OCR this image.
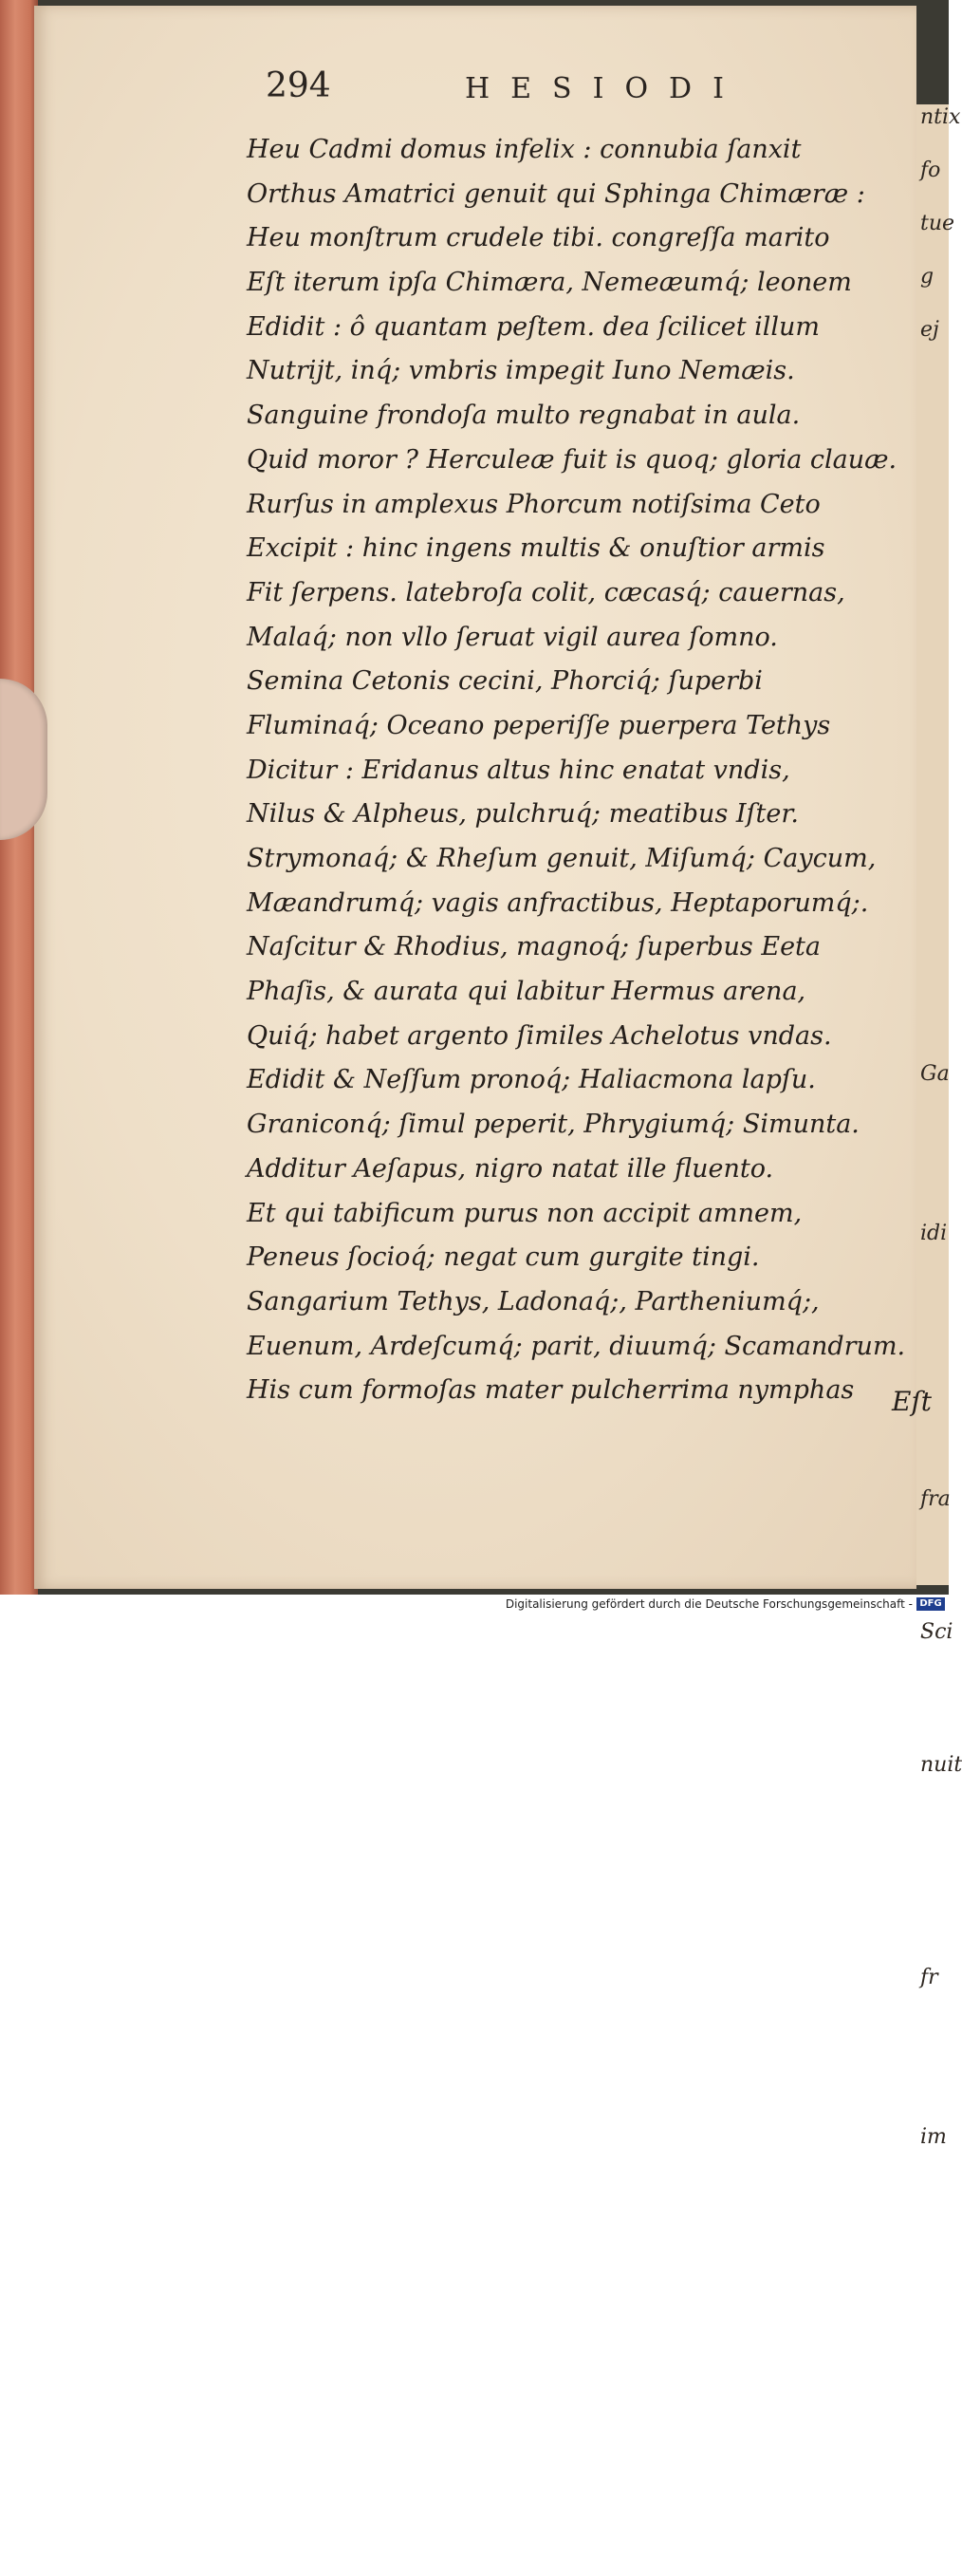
ntix
fo
tue
g
ej
Ga
idi
fra
Sci
nuit
fr
im
294	HESIODI
Heu Cadmi domus infelix : connubia ſanxit
Orthus Amatrici genuit qui Sphinga Chimæræ :
Heu monſtrum crudele tibi. congreſſa marito
Eſt iterum ipſa Chimæra, Nemeæumq́; leonem
Edidit : ô quantam peſtem. dea ſcilicet illum
Nutrijt, inq́; vmbris impegit Iuno Nemæis.
Sanguine frondoſa multo regnabat in aula.
Quid moror ? Herculeæ fuit is quoq; gloria clauæ.
Rurſus in amplexus Phorcum notiſsima Ceto
Excipit : hinc ingens multis & onuſtior armis
Fit ſerpens. latebroſa colit, cæcasq́; cauernas,
Malaq́; non vllo ſeruat vigil aurea ſomno.
Semina Cetonis cecini, Phorciq́; ſuperbi
Fluminaq́; Oceano peperiſſe puerpera Tethys
Dicitur : Eridanus altus hinc enatat vndis,
Nilus & Alpheus, pulchruq́; meatibus Iſter.
Strymonaq́; & Rheſum genuit, Miſumq́; Caycum,
Mæandrumq́; vagis anfractibus, Heptaporumq́;.
Naſcitur & Rhodius, magnoq́; ſuperbus Eeta
Phaſis, & aurata qui labitur Hermus arena,
Quiq́; habet argento ſimiles Achelotus vndas.
Edidit & Neſſum pronoq́; Haliacmona lapſu.
Graniconq́; ſimul peperit, Phrygiumq́; Simunta.
Additur Aeſapus, nigro natat ille fluento.
Et qui tabificum purus non accipit amnem,
Peneus ſocioq́; negat cum gurgite tingi.
Sangarium Tethys, Ladonaq́;, Partheniumq́;,
Euenum, Ardeſcumq́; parit, diuumq́; Scamandrum.
His cum formoſas mater pulcherrima nymphas	Eſt
Digitalisierung gefördert durch die Deutsche Forschungsgemeinschaft - DFG
